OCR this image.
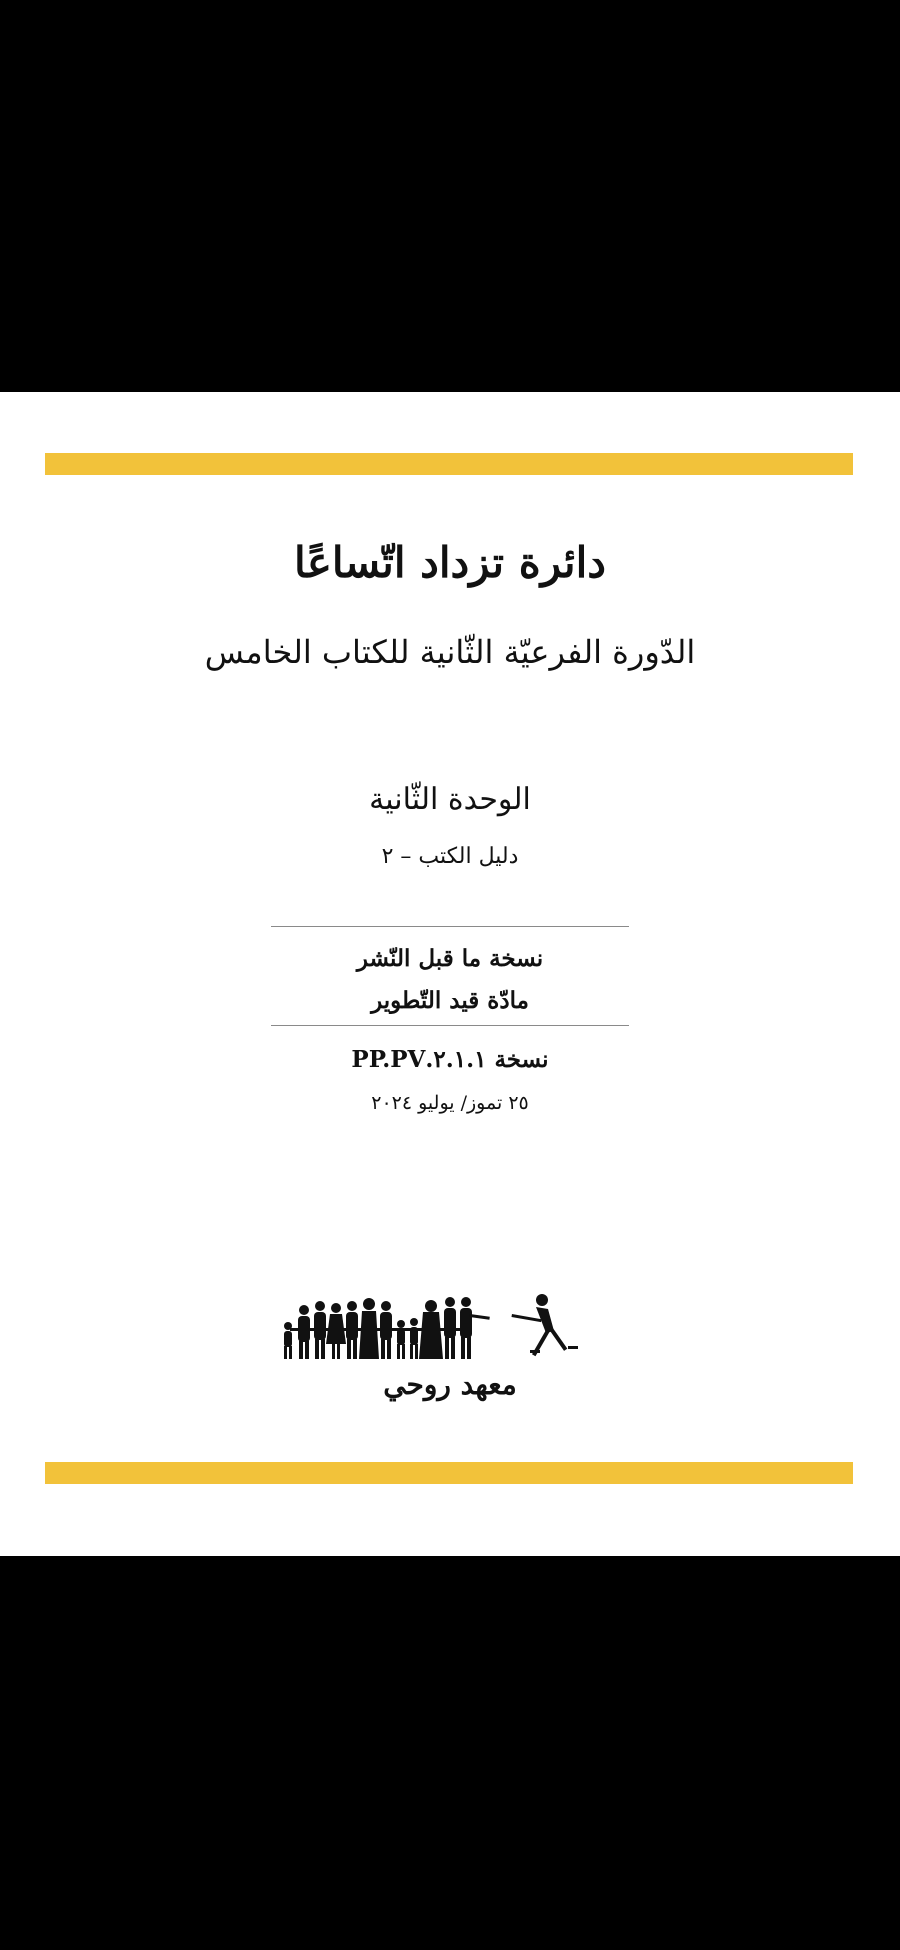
دائرة تزداد اتّساعًا
الدّورة الفرعيّة الثّانية للكتاب الخامس
الوحدة الثّانية
دليل الكتب – ٢
نسخة ما قبل النّشر
مادّة قيد التّطوير
نسخة ٢.١.١.PP.PV
٢٥ تموز/ يوليو ٢٠٢٤
معهد روحي
